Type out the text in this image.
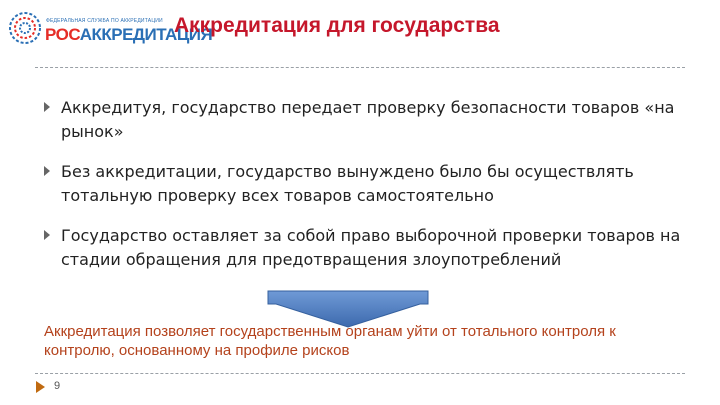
ФЕДЕРАЛЬНАЯ СЛУЖБА ПО АККРЕДИТАЦИИ
РОСАККРЕДИТАЦИЯ
Аккредитация для государства
Аккредитуя, государство передает проверку безопасности товаров «на рынок»
Без аккредитации, государство вынуждено было бы осуществлять тотальную проверку всех товаров самостоятельно
Государство оставляет за собой право выборочной проверки товаров на стадии обращения для предотвращения злоупотреблений
Аккредитация позволяет государственным органам уйти от тотального контроля к контролю, основанному на профиле рисков
9
